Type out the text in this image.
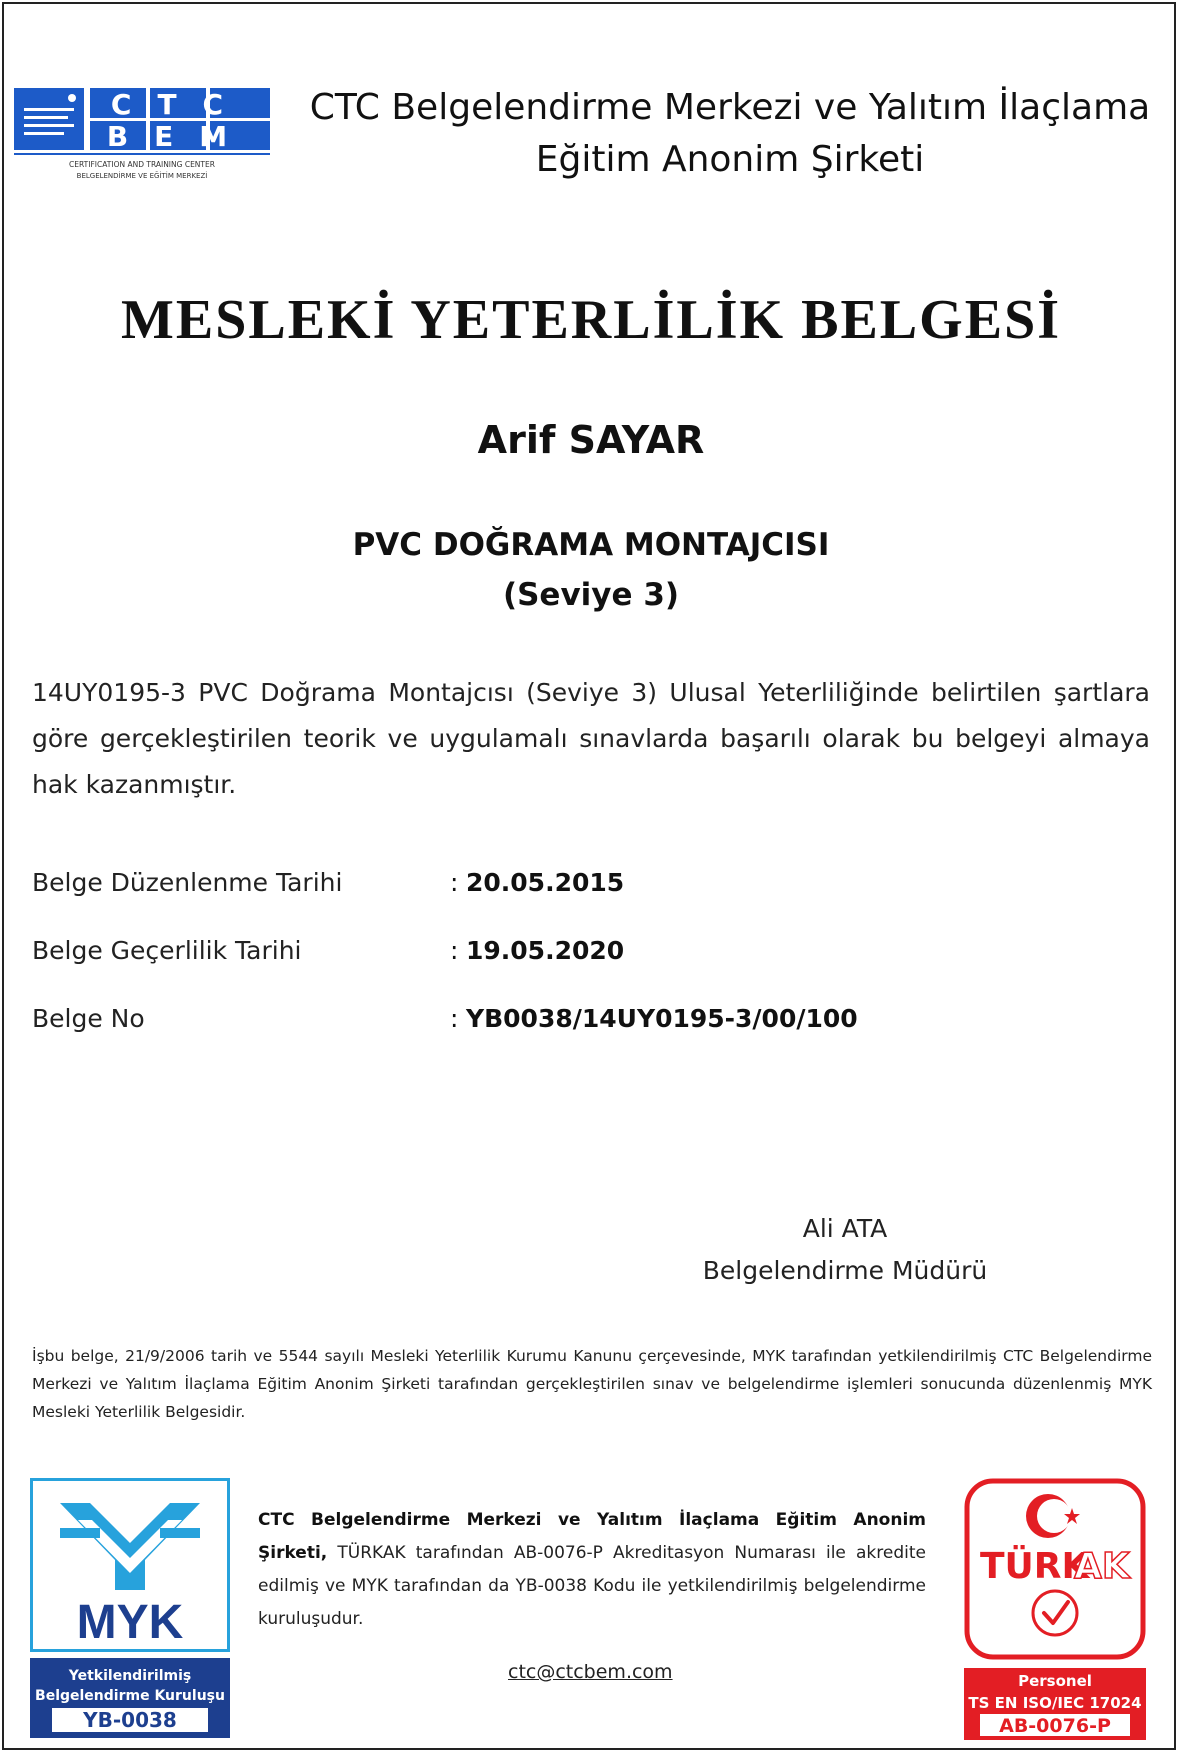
CTC
BEM
CERTIFICATION AND TRAINING CENTER
BELGELENDİRME VE EĞİTİM MERKEZİ
CTC Belgelendirme Merkezi ve Yalıtım İlaçlama
Eğitim Anonim Şirketi
MESLEKİ YETERLİLİK BELGESİ
Arif SAYAR
PVC DOĞRAMA MONTAJCISI
(Seviye 3)
14UY0195-3 PVC Doğrama Montajcısı (Seviye 3) Ulusal Yeterliliğinde belirtilen şartlara göre gerçekleştirilen teorik ve uygulamalı sınavlarda başarılı olarak bu belgeyi almaya hak kazanmıştır.
Belge Düzenlenme Tarihi	: 20.05.2015
Belge Geçerlilik Tarihi	: 19.05.2020
Belge No	: YB0038/14UY0195-3/00/100
Ali ATA
Belgelendirme Müdürü
İşbu belge, 21/9/2006 tarih ve 5544 sayılı Mesleki Yeterlilik Kurumu Kanunu çerçevesinde, MYK tarafından yetkilendirilmiş CTC Belgelendirme Merkezi ve Yalıtım İlaçlama Eğitim Anonim Şirketi tarafından gerçekleştirilen sınav ve belgelendirme işlemleri sonucunda düzenlenmiş MYK Mesleki Yeterlilik Belgesidir.
MYK
Yetkilendirilmiş
Belgelendirme Kuruluşu
YB-0038
CTC Belgelendirme Merkezi ve Yalıtım İlaçlama Eğitim Anonim Şirketi, TÜRKAK tarafından AB-0076-P Akreditasyon Numarası ile akredite edilmiş ve MYK tarafından da YB-0038 Kodu ile yetkilendirilmiş belgelendirme kuruluşudur.
ctc@ctcbem.com
TÜRK
AK
Personel
TS EN ISO/IEC 17024
AB-0076-P
